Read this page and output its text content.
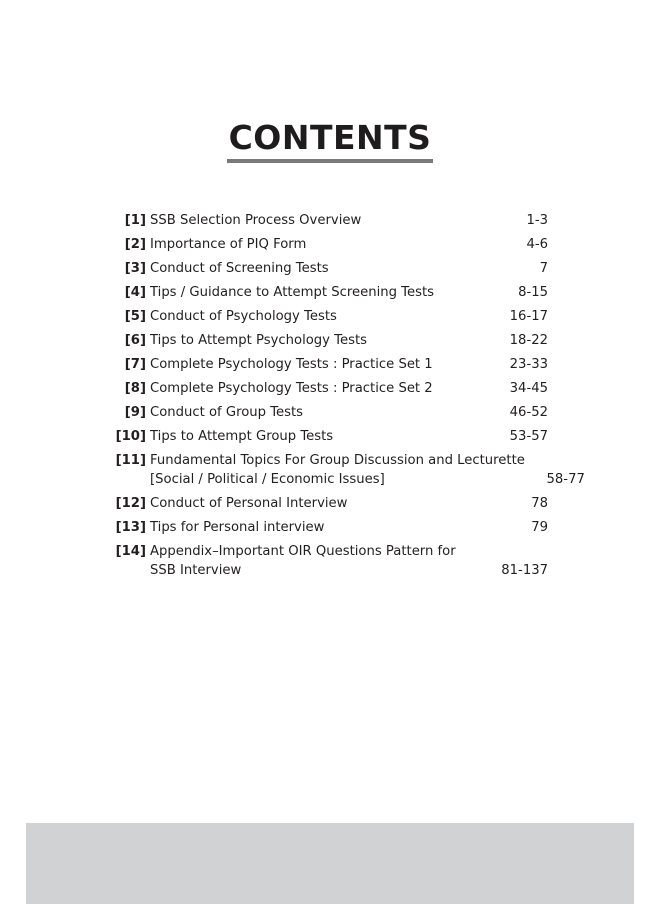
CONTENTS
[1] SSB Selection Process Overview	1-3
[2] Importance of PIQ Form	4-6
[3] Conduct of Screening Tests	7
[4] Tips / Guidance to Attempt Screening Tests	8-15
[5] Conduct of Psychology Tests	16-17
[6] Tips to Attempt Psychology Tests	18-22
[7] Complete Psychology Tests : Practice Set 1	23-33
[8] Complete Psychology Tests : Practice Set 2	34-45
[9] Conduct of Group Tests	46-52
[10] Tips to Attempt Group Tests	53-57
[11] Fundamental Topics For Group Discussion and Lecturette
[Social / Political / Economic Issues]	58-77
[12] Conduct of Personal Interview	78
[13] Tips for Personal interview	79
[14] Appendix–Important OIR Questions Pattern for
SSB Interview	81-137
